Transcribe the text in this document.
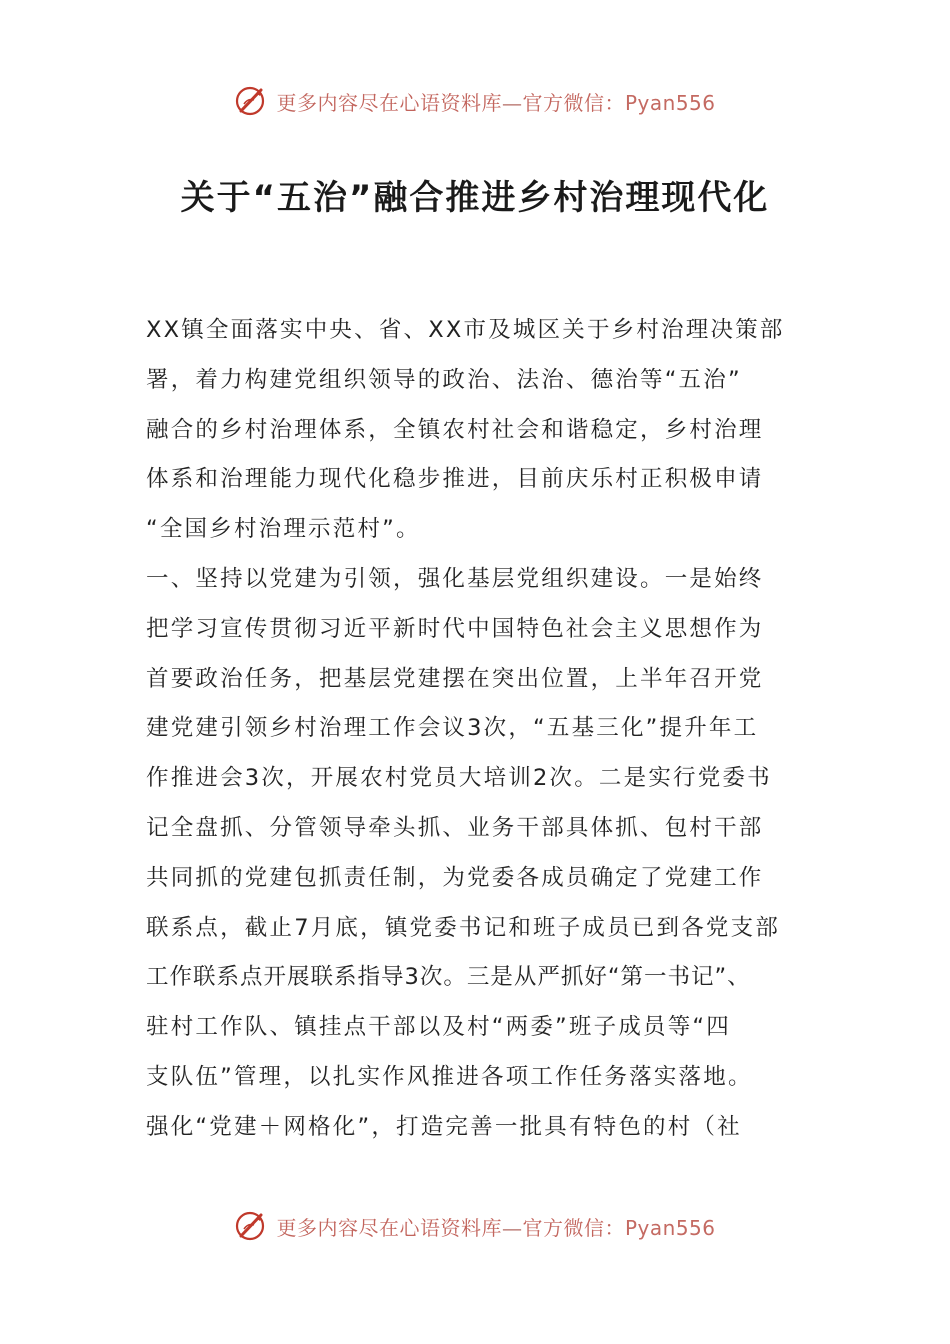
更多内容尽在心语资料库—官方微信：Pyan556
关于“五治”融合推进乡村治理现代化
XX镇全面落实中央、省、XX市及城区关于乡村治理决策部
署，着力构建党组织领导的政治、法治、德治等“五治”
融合的乡村治理体系，全镇农村社会和谐稳定，乡村治理
体系和治理能力现代化稳步推进，目前庆乐村正积极申请
“全国乡村治理示范村”。
一、坚持以党建为引领，强化基层党组织建设。一是始终
把学习宣传贯彻习近平新时代中国特色社会主义思想作为
首要政治任务，把基层党建摆在突出位置，上半年召开党
建党建引领乡村治理工作会议3次，“五基三化”提升年工
作推进会3次，开展农村党员大培训2次。二是实行党委书
记全盘抓、分管领导牵头抓、业务干部具体抓、包村干部
共同抓的党建包抓责任制，为党委各成员确定了党建工作
联系点，截止7月底，镇党委书记和班子成员已到各党支部
工作联系点开展联系指导3次。三是从严抓好“第一书记”、
驻村工作队、镇挂点干部以及村“两委”班子成员等“四
支队伍”管理，以扎实作风推进各项工作任务落实落地。
强化“党建＋网格化”，打造完善一批具有特色的村（社
更多内容尽在心语资料库—官方微信：Pyan556
